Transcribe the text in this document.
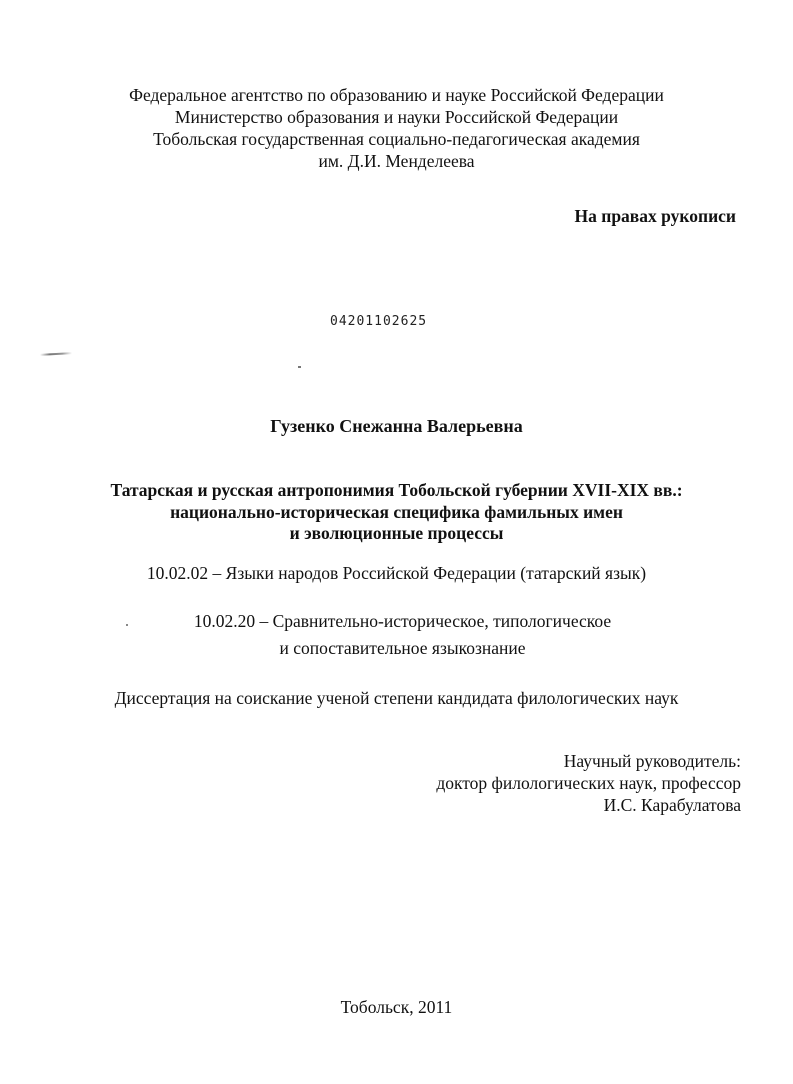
Федеральное агентство по образованию и науке Российской Федерации
Министерство образования и науки Российской Федерации
Тобольская государственная социально-педагогическая академия
им. Д.И. Менделеева
На правах рукописи
04201102625
Гузенко Снежанна Валерьевна
Татарская и русская антропонимия Тобольской губернии XVII-XIX вв.:
национально-историческая специфика фамильных имен
и эволюционные процессы
10.02.02 – Языки народов Российской Федерации (татарский язык)
10.02.20 – Сравнительно-историческое, типологическое
и сопоставительное языкознание
Диссертация на соискание ученой степени кандидата филологических наук
Научный руководитель:
доктор филологических наук, профессор
И.С. Карабулатова
Тобольск, 2011
